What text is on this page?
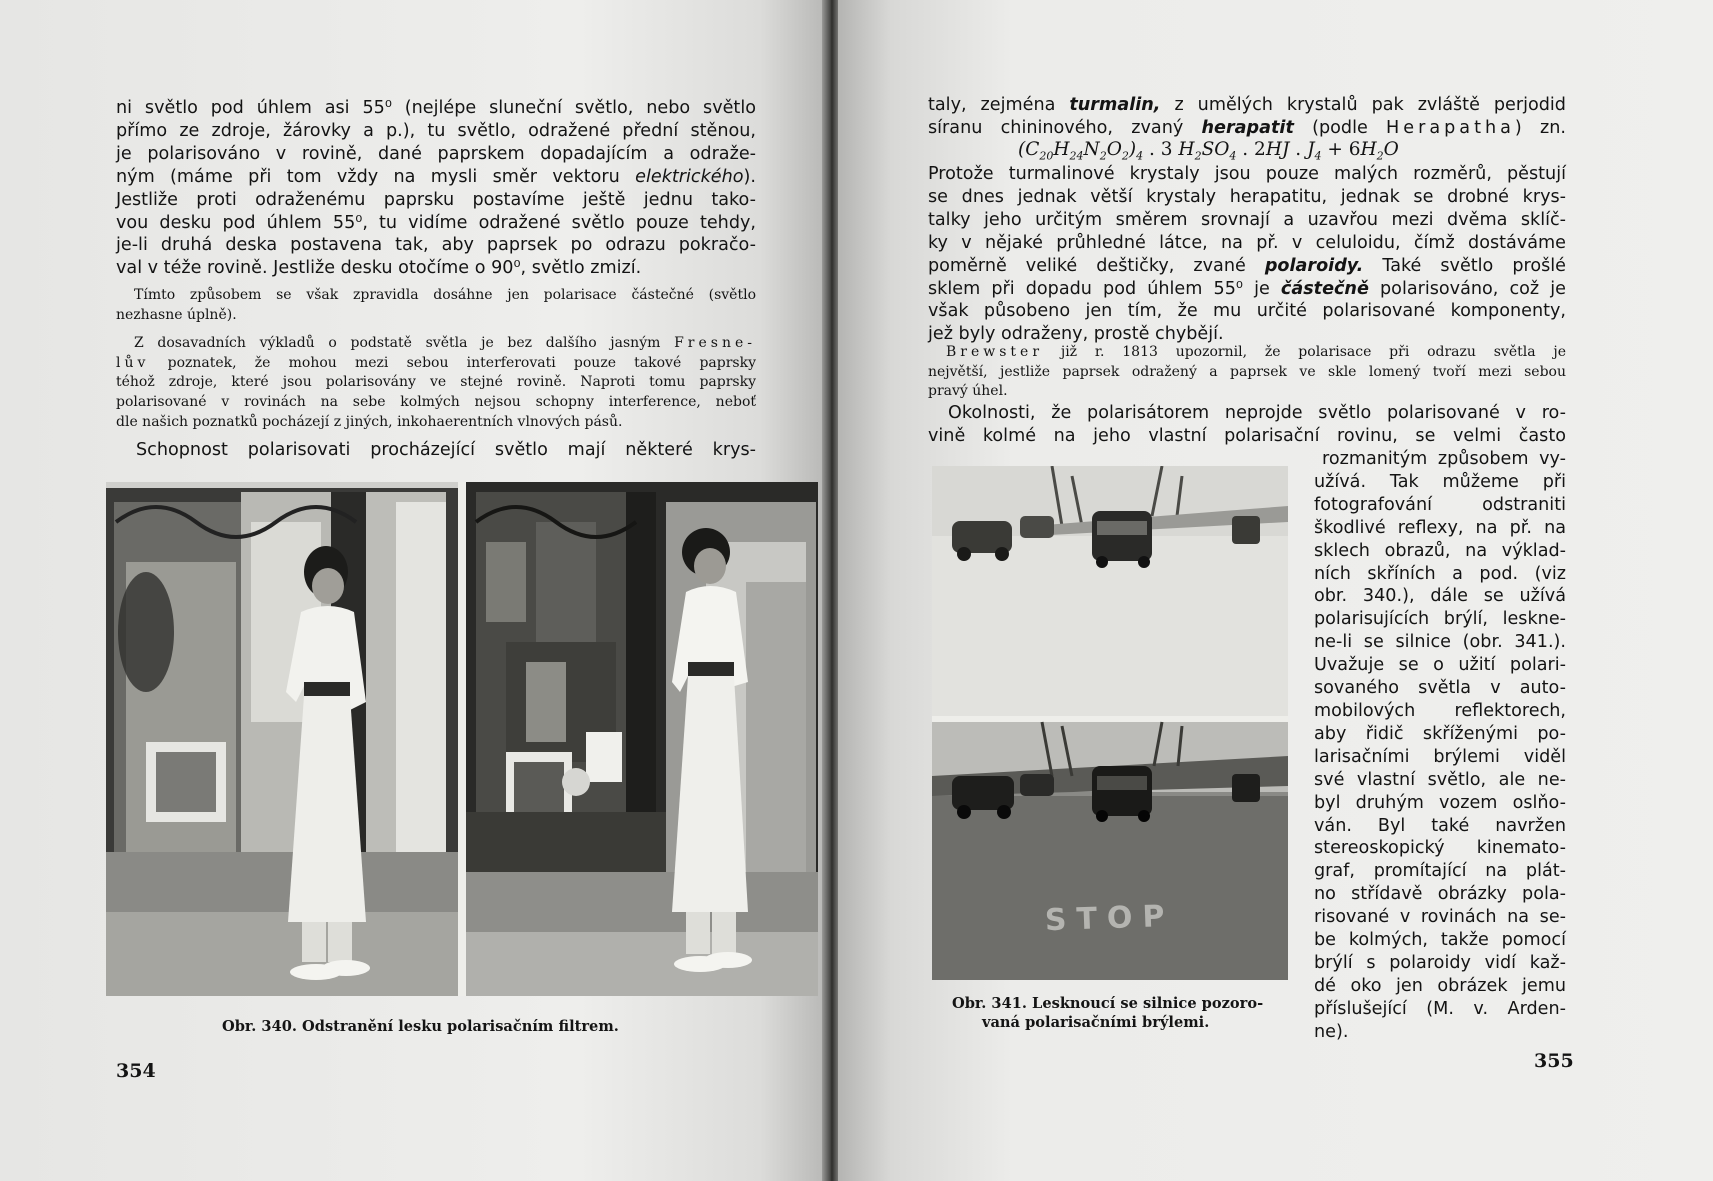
ni světlo pod úhlem asi 55⁰ (nejlépe sluneční světlo, nebo světlo
přímo ze zdroje, žárovky a p.), tu světlo, odražené přední stěnou,
je polarisováno v rovině, dané paprskem dopadajícím a odraže-
ným (máme při tom vždy na mysli směr vektoru elektrického).
Jestliže proti odraženému paprsku postavíme ještě jednu tako-
vou desku pod úhlem 55⁰, tu vidíme odražené světlo pouze tehdy,
je-li druhá deska postavena tak, aby paprsek po odrazu pokračo-
val v téže rovině. Jestliže desku otočíme o 90⁰, světlo zmizí.
Tímto způsobem se však zpravidla dosáhne jen polarisace částečné (světlo
nezhasne úplně).
Z dosavadních výkladů o podstatě světla je bez dalšího jasným Fresne-
lův poznatek, že mohou mezi sebou interferovati pouze takové paprsky
téhož zdroje, které jsou polarisovány ve stejné rovině. Naproti tomu paprsky
polarisované v rovinách na sebe kolmých nejsou schopny interference, neboť
dle našich poznatků pocházejí z jiných, inkohaerentních vlnových pásů.
Schopnost polarisovati procházející světlo mají některé krys-
Obr. 340. Odstranění lesku polarisačním filtrem.
354
taly, zejména turmalin, z umělých krystalů pak zvláště perjodid
síranu chininového, zvaný herapatit (podle Herapatha) zn.
$(C_{20}H_{24}N_2O_2)_4$ . 3 $H_2SO_4$ . 2HJ . $J_4 + 6H_2O$
Protože turmalinové krystaly jsou pouze malých rozměrů, pěstují
se dnes jednak větší krystaly herapatitu, jednak se drobné krys-
talky jeho určitým směrem srovnají a uzavřou mezi dvěma sklíč-
ky v nějaké průhledné látce, na př. v celuloidu, čímž dostáváme
poměrně veliké deštičky, zvané polaroidy. Také světlo prošlé
sklem při dopadu pod úhlem 55⁰ je částečně polarisováno, což je
však působeno jen tím, že mu určité polarisované komponenty,
jež byly odraženy, prostě chybějí.
Brewster již r. 1813 upozornil, že polarisace při odrazu světla je
největší, jestliže paprsek odražený a paprsek ve skle lomený tvoří mezi sebou
pravý úhel.
Okolnosti, že polarisátorem neprojde světlo polarisované v ro-
vině kolmé na jeho vlastní polarisační rovinu, se velmi často
rozmanitým způsobem vy-
užívá. Tak můžeme při
fotografování odstraniti
škodlivé reflexy, na př. na
sklech obrazů, na výklad-
ních skříních a pod. (viz
obr. 340.), dále se užívá
polarisujících brýlí, leskne-
ne-li se silnice (obr. 341.).
Uvažuje se o užití polari-
sovaného světla v auto-
mobilových reflektorech,
aby řidič skříženými po-
larisačními brýlemi viděl
své vlastní světlo, ale ne-
byl druhým vozem oslňo-
ván. Byl také navržen
stereoskopický kinemato-
graf, promítající na plát-
no střídavě obrázky pola-
risované v rovinách na se-
be kolmých, takže pomocí
brýlí s polaroidy vidí kaž-
dé oko jen obrázek jemu
příslušející (M. v. Arden-
ne).
STOP
Obr. 341. Lesknoucí se silnice pozoro-
vaná polarisačními brýlemi.
355
